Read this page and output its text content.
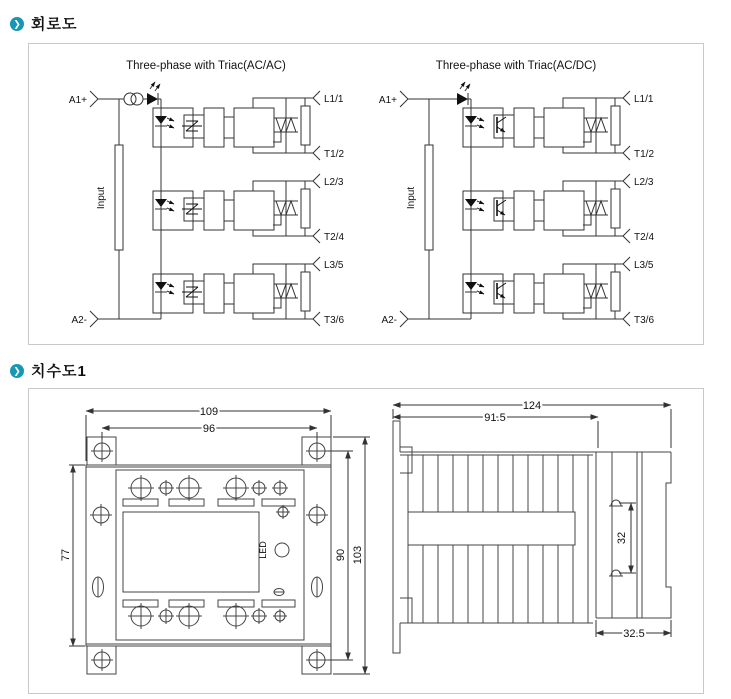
❯ 회로도
Three-phase with Triac(AC/AC)
A1+
A2-
Input
L1/1
T1/2
L2/3
T2/4
L3/5
T3/6
Three-phase with Triac(AC/DC)
A1+
A2-
Input
L1/1
T1/2
L2/3
T2/4
L3/5
T3/6
❯ 치수도1
109
96
77	90 103
LED
124
91.5
32
32.5
